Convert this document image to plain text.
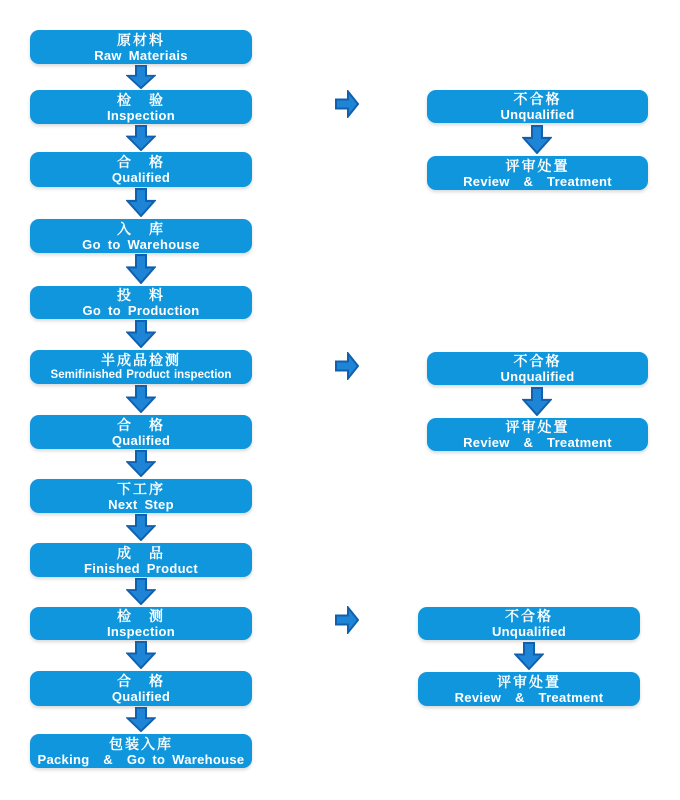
原材料
Raw Materiais
检　验
Inspection
合　格
Qualified
入　库
Go to Warehouse
投　料
Go to Production
半成品检测
Semifinished Product inspection
合　格
Qualified
下工序
Next Step
成　品
Finished Product
检　测
Inspection
合　格
Qualified
包装入库
Packing  &  Go to Warehouse
不合格
Unqualified
评审处置
Review  &  Treatment
不合格
Unqualified
评审处置
Review  &  Treatment
不合格
Unqualified
评审处置
Review  &  Treatment
